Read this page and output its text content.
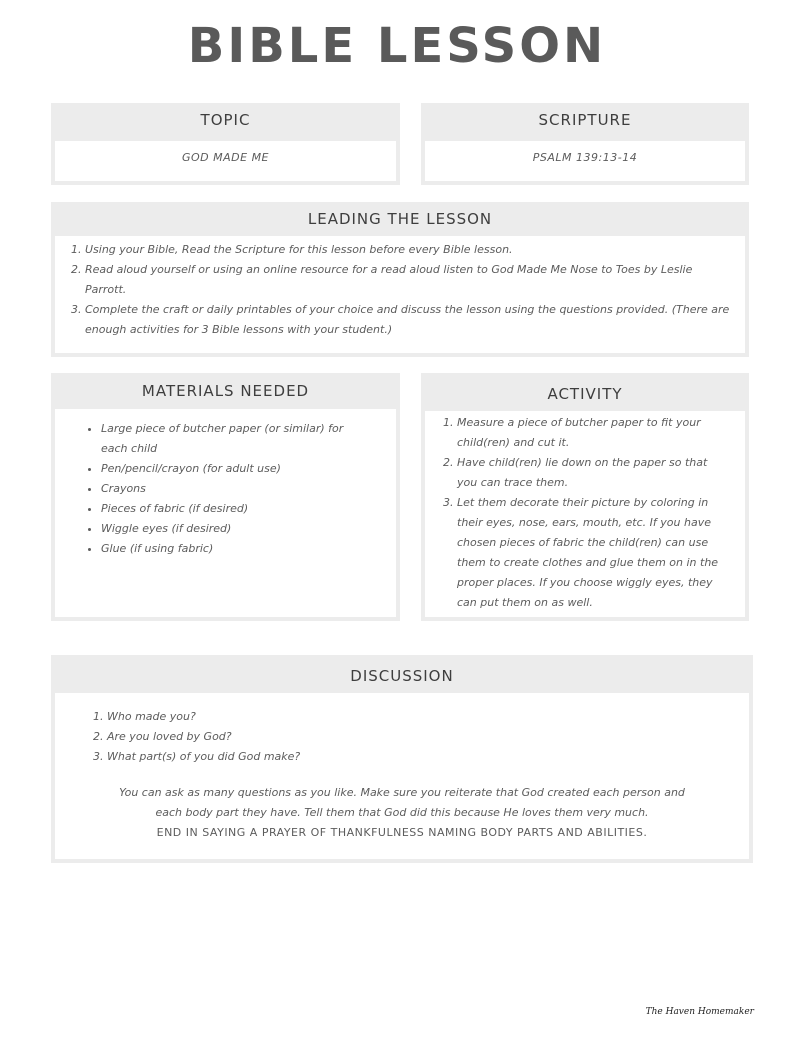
BIBLE LESSON
TOPIC
GOD MADE ME
SCRIPTURE
PSALM 139:13-14
LEADING THE LESSON
1. Using your Bible, Read the Scripture for this lesson before every Bible lesson.
2. Read aloud yourself or using an online resource for a read aloud listen to God Made Me Nose to Toes by Leslie Parrott.
3. Complete the craft or daily printables of your choice and discuss the lesson using the questions provided. (There are enough activities for 3 Bible lessons with your student.)
MATERIALS NEEDED
• Large piece of butcher paper (or similar) for each child
• Pen/pencil/crayon (for adult use)
• Crayons
• Pieces of fabric (if desired)
• Wiggle eyes (if desired)
• Glue (if using fabric)
ACTIVITY
1. Measure a piece of butcher paper to fit your child(ren) and cut it.
2. Have child(ren) lie down on the paper so that you can trace them.
3. Let them decorate their picture by coloring in their eyes, nose, ears, mouth, etc. If you have chosen pieces of fabric the child(ren) can use them to create clothes and glue them on in the proper places. If you choose wiggly eyes, they can put them on as well.
DISCUSSION
1. Who made you?
2. Are you loved by God?
3. What part(s) of you did God make?
You can ask as many questions as you like. Make sure you reiterate that God created each person and each body part they have. Tell them that God did this because He loves them very much.
END IN SAYING A PRAYER OF THANKFULNESS NAMING BODY PARTS AND ABILITIES.
The Haven Homemaker
